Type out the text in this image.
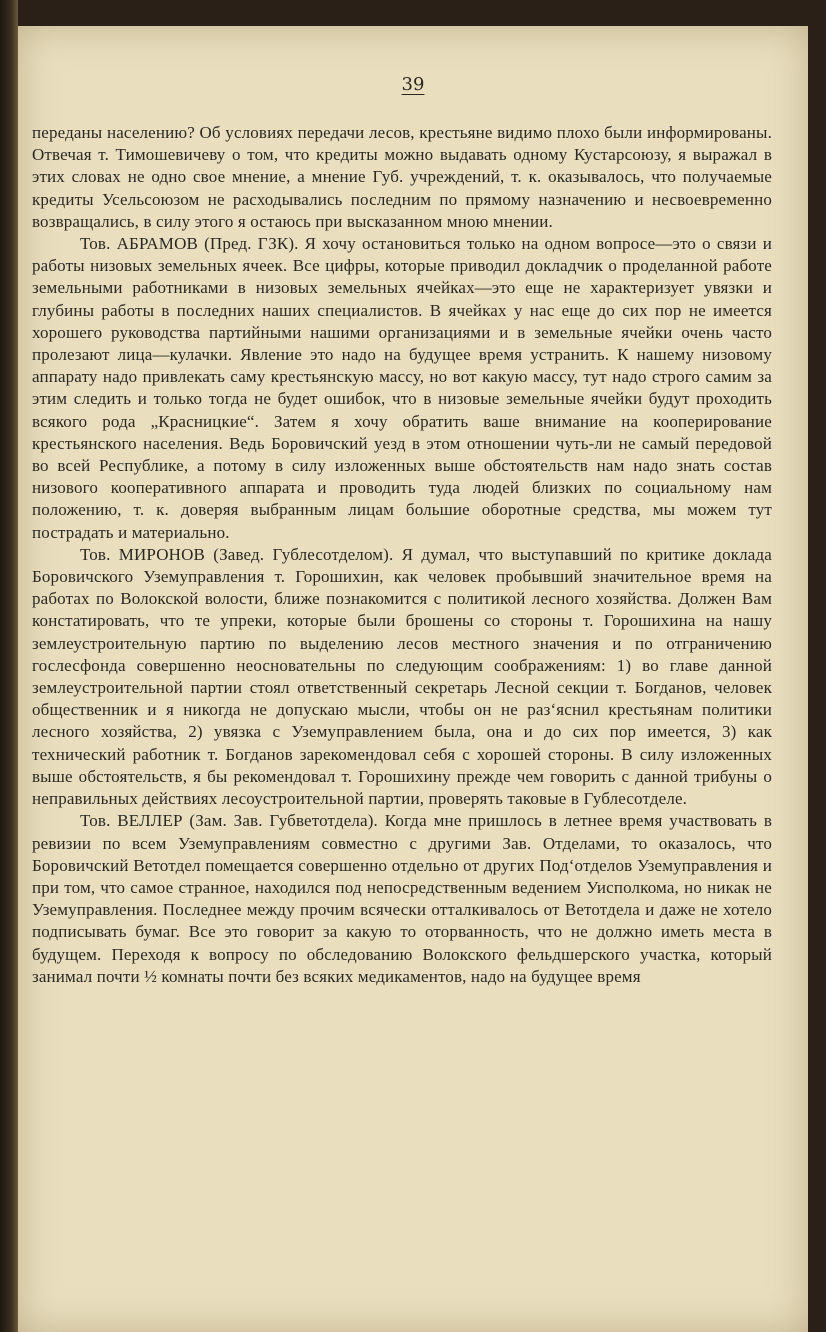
39

переданы населению? Об условиях передачи лесов, крестьяне видимо плохо были информированы. Отвечая т. Тимошевичеву о том, что кредиты можно выдавать одному Кустарсоюзу, я выражал в этих словах не одно свое мнение, а мнение Губ. учреждений, т. к. оказывалось, что получаемые кредиты Усельсоюзом не расходывались последним по прямому назначению и несвоевременно возвращались, в силу этого я остаюсь при высказанном мною мнении.

Тов. АБРАМОВ (Пред. ГЗК). Я хочу остановиться только на одном вопросе—это о связи и работы низовых земельных ячеек. Все цифры, которые приводил докладчик о проделанной работе земельными работниками в низовых земельных ячейках—это еще не характеризует увязки и глубины работы в последних наших специалистов. В ячейках у нас еще до сих пор не имеется хорошего руководства партийными нашими организациями и в земельные ячейки очень часто пролезают лица—кулачки. Явление это надо на будущее время устранить. К нашему низовому аппарату надо привлекать саму крестьянскую массу, но вот какую массу, тут надо строго самим за этим следить и только тогда не будет ошибок, что в низовые земельные ячейки будут проходить всякого рода „Красницкие“. Затем я хочу обратить ваше внимание на кооперирование крестьянского населения. Ведь Боровичский уезд в этом отношении чуть-ли не самый передовой во всей Республике, а потому в силу изложенных выше обстоятельств нам надо знать состав низового кооперативного аппарата и проводить туда людей близких по социальному нам положению, т. к. доверяя выбранным лицам большие оборотные средства, мы можем тут пострадать и материально.

Тов. МИРОНОВ (Завед. Гублесотделом). Я думал, что выступавший по критике доклада Боровичского Уземуправления т. Горошихин, как человек пробывший значительное время на работах по Волокской волости, ближе познакомится с политикой лесного хозяйства. Должен Вам констатировать, что те упреки, которые были брошены со стороны т. Горошихина на нашу землеустроительную партию по выделению лесов местного значения и по отграничению гослесфонда совершенно неосновательны по следующим соображениям: 1) во главе данной землеустроительной партии стоял ответственный секретарь Лесной секции т. Богданов, человек общественник и я никогда не допускаю мысли, чтобы он не раз‘яснил крестьянам политики лесного хозяйства, 2) увязка с Уземуправлением была, она и до сих пор имеется, 3) как технический работник т. Богданов зарекомендовал себя с хорошей стороны. В силу изложенных выше обстоятельств, я бы рекомендовал т. Горошихину прежде чем говорить с данной трибуны о неправильных действиях лесоустроительной партии, проверять таковые в Гублесотделе.

Тов. ВЕЛЛЕР (Зам. Зав. Губветотдела). Когда мне пришлось в летнее время участвовать в ревизии по всем Уземуправлениям совместно с другими Зав. Отделами, то оказалось, что Боровичский Ветотдел помещается совершенно отдельно от других Под‘отделов Уземуправления и при том, что самое странное, находился под непосредственным ведением Уисполкома, но никак не Уземуправления. Последнее между прочим всячески отталкивалось от Ветотдела и даже не хотело подписывать бумаг. Все это говорит за какую то оторванность, что не должно иметь места в будущем. Переходя к вопросу по обследованию Волокского фельдшерского участка, который занимал почти ½ комнаты почти без всяких медикаментов, надо на будущее время
